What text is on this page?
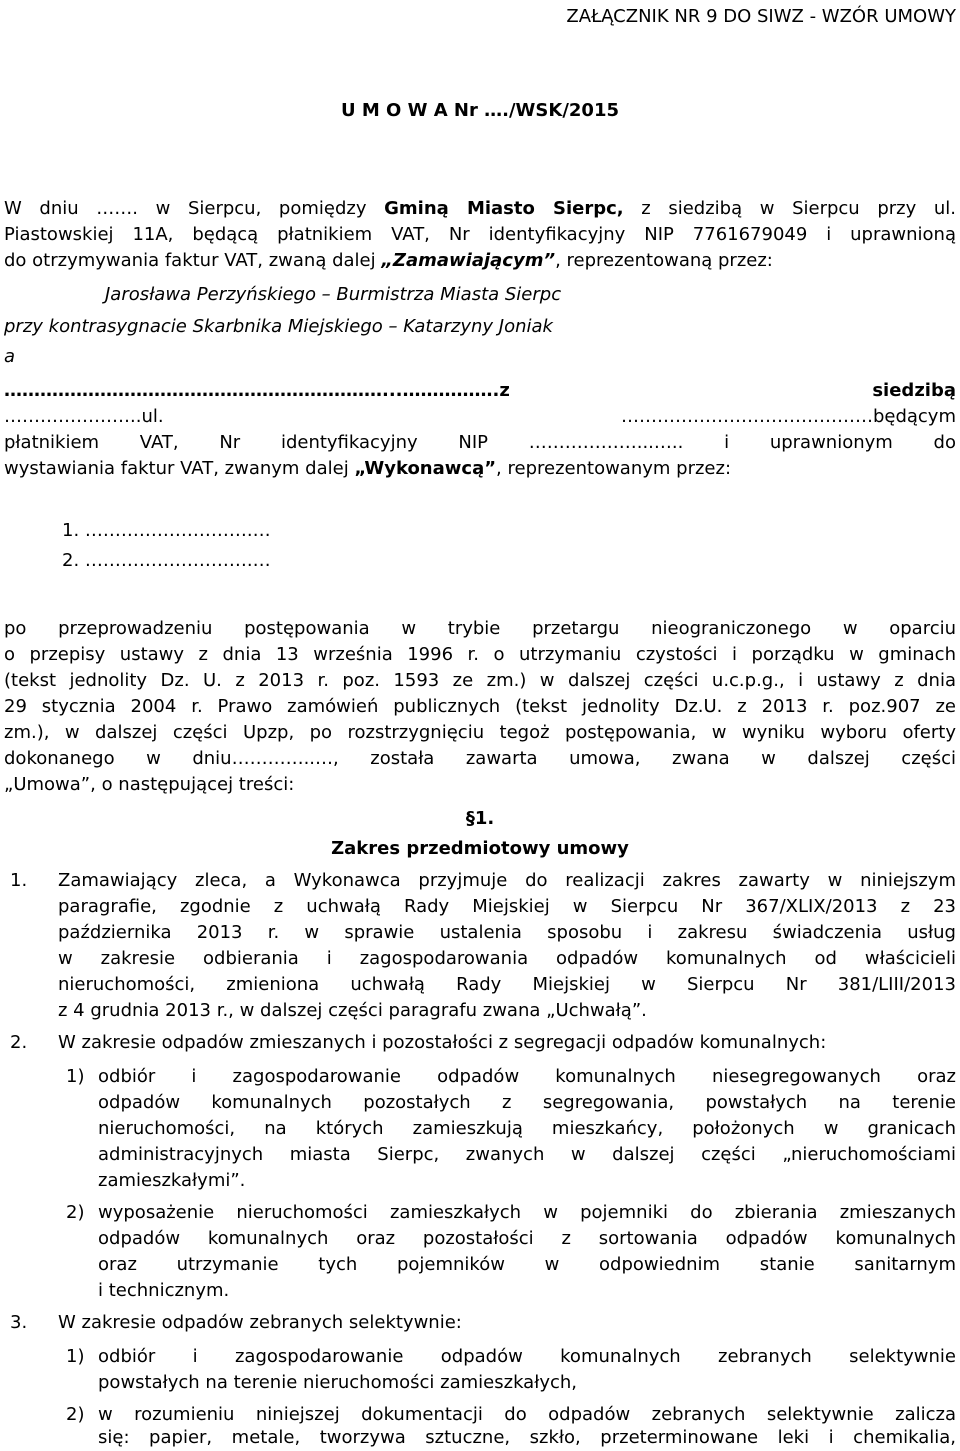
ZAŁĄCZNIK NR 9 DO SIWZ - WZÓR UMOWY
U M O W A Nr …./WSK/2015
W dniu ……. w Sierpcu, pomiędzy Gminą Miasto Sierpc, z siedzibą w Sierpcu przy ul.
Piastowskiej 11A, będącą płatnikiem VAT, Nr identyfikacyjny NIP 7761679049 i uprawnioną
do otrzymywania faktur VAT, zwaną dalej „Zamawiającym”, reprezentowaną przez:
Jarosława Perzyńskiego – Burmistrza Miasta Sierpc
przy kontrasygnacie Skarbnika Miejskiego – Katarzyny Joniak
a
………………………………………………………...…………….z siedzibą
…………………..ul. ……………………………………będącym
płatnikiem VAT, Nr identyfikacyjny NIP ………………...….. i uprawnionym do
wystawiania faktur VAT, zwanym dalej „Wykonawcą”, reprezentowanym przez:
1. ……………………….…
2. ……………………….…
po przeprowadzeniu postępowania w trybie przetargu nieograniczonego w oparciu
o przepisy ustawy z dnia 13 września 1996 r. o utrzymaniu czystości i porządku w gminach
(tekst jednolity Dz. U. z 2013 r. poz. 1593 ze zm.) w dalszej części u.c.p.g., i ustawy z dnia
29 stycznia 2004 r. Prawo zamówień publicznych (tekst jednolity Dz.U. z 2013 r. poz.907 ze
zm.), w dalszej części Upzp, po rozstrzygnięciu tegoż postępowania, w wyniku wyboru oferty
dokonanego w dniu…………..…, została zawarta umowa, zwana w dalszej części
„Umowa”, o następującej treści:
§1.
Zakres przedmiotowy umowy
1. Zamawiający zleca, a Wykonawca przyjmuje do realizacji zakres zawarty w niniejszym
paragrafie, zgodnie z uchwałą Rady Miejskiej w Sierpcu Nr 367/XLIX/2013 z 23
października 2013 r. w sprawie ustalenia sposobu i zakresu świadczenia usług
w zakresie odbierania i zagospodarowania odpadów komunalnych od właścicieli
nieruchomości, zmieniona uchwałą Rady Miejskiej w Sierpcu Nr 381/LIII/2013
z 4 grudnia 2013 r., w dalszej części paragrafu zwana „Uchwałą”.
2. W zakresie odpadów zmieszanych i pozostałości z segregacji odpadów komunalnych:
1) odbiór i zagospodarowanie odpadów komunalnych niesegregowanych oraz
odpadów komunalnych pozostałych z segregowania, powstałych na terenie
nieruchomości, na których zamieszkują mieszkańcy, położonych w granicach
administracyjnych miasta Sierpc, zwanych w dalszej części „nieruchomościami
zamieszkałymi”.
2) wyposażenie nieruchomości zamieszkałych w pojemniki do zbierania zmieszanych
odpadów komunalnych oraz pozostałości z sortowania odpadów komunalnych
oraz utrzymanie tych pojemników w odpowiednim stanie sanitarnym
i technicznym.
3. W zakresie odpadów zebranych selektywnie:
1) odbiór i zagospodarowanie odpadów komunalnych zebranych selektywnie
powstałych na terenie nieruchomości zamieszkałych,
2) w rozumieniu niniejszej dokumentacji do odpadów zebranych selektywnie zalicza
się: papier, metale, tworzywa sztuczne, szkło, przeterminowane leki i chemikalia,
